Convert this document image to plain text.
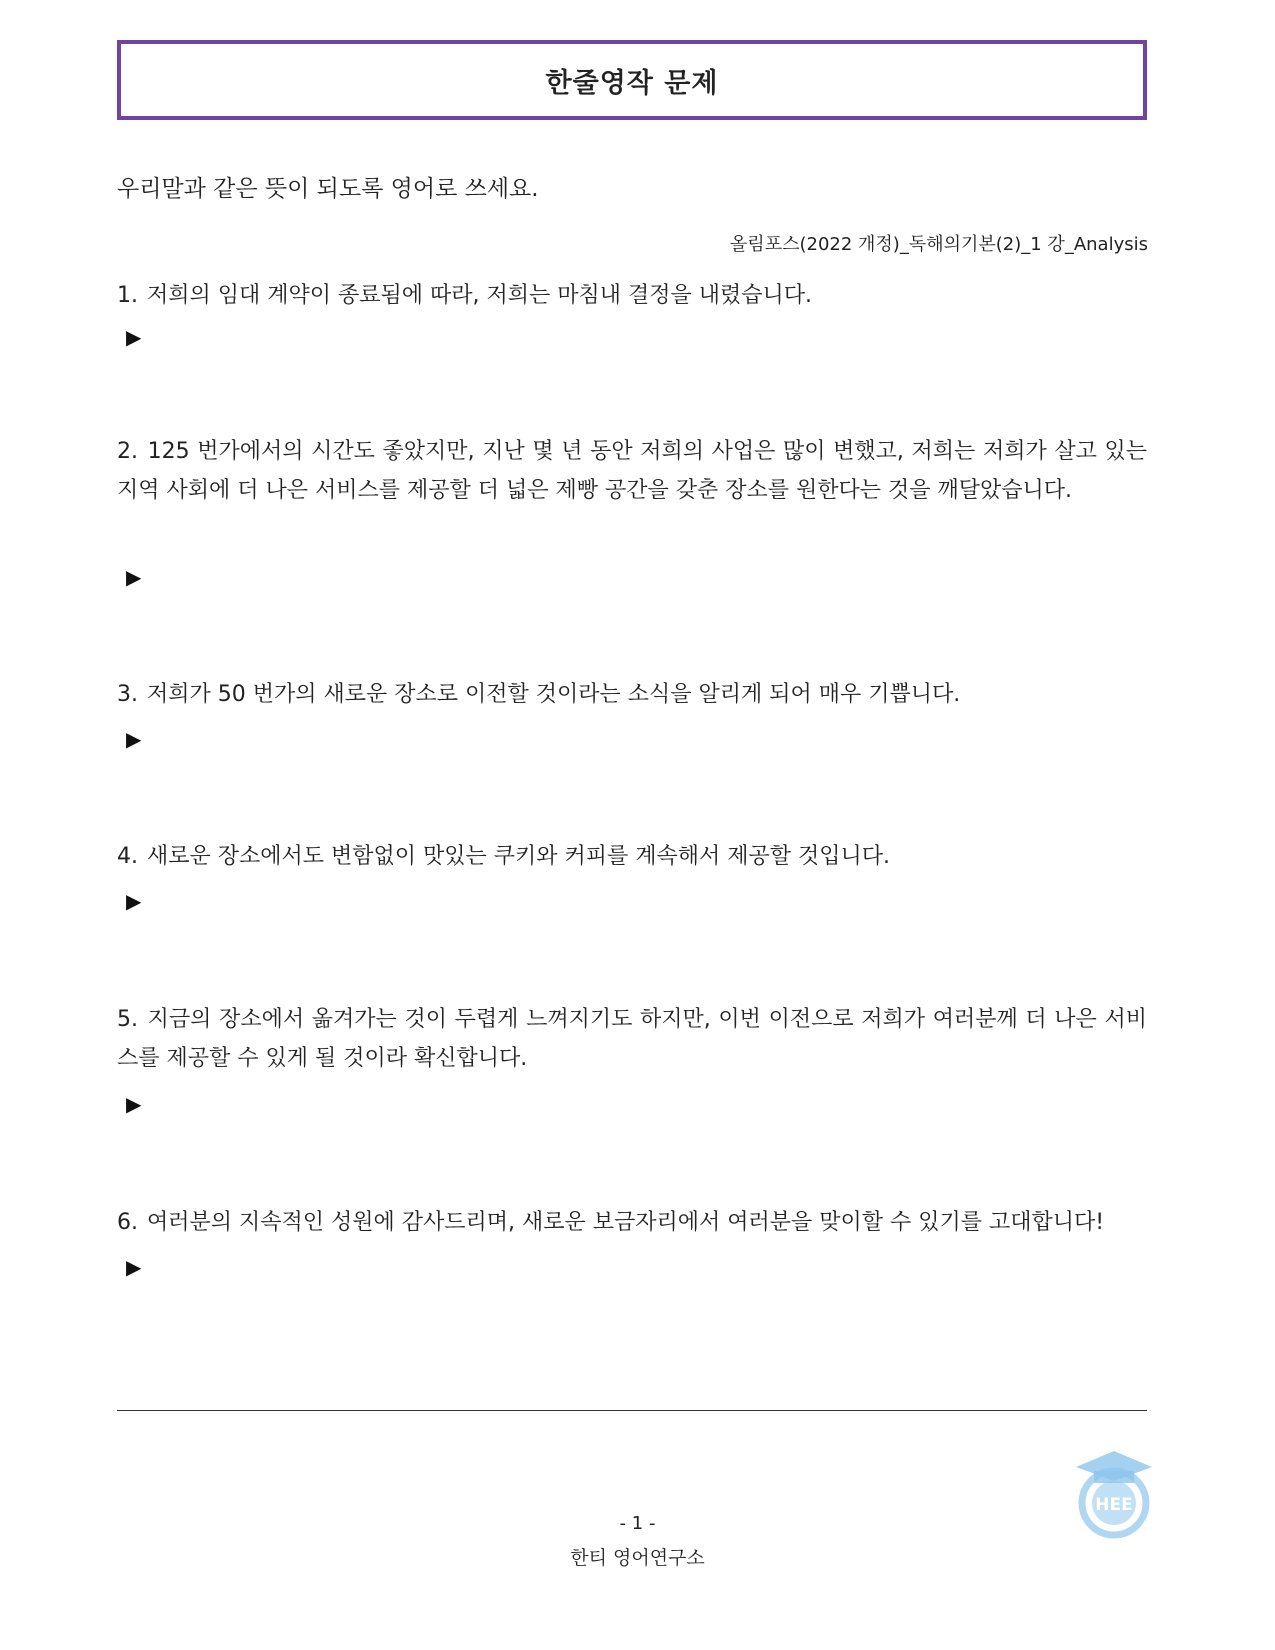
한줄영작 문제
우리말과 같은 뜻이 되도록 영어로 쓰세요.
올림포스(2022 개정)_독해의기본(2)_1 강_Analysis
1. 저희의 임대 계약이 종료됨에 따라, 저희는 마침내 결정을 내렸습니다.
▶
2. 125 번가에서의 시간도 좋았지만, 지난 몇 년 동안 저희의 사업은 많이 변했고, 저희는 저희가 살고 있는 지역 사회에 더 나은 서비스를 제공할 더 넓은 제빵 공간을 갖춘 장소를 원한다는 것을 깨달았습니다.
▶
3. 저희가 50 번가의 새로운 장소로 이전할 것이라는 소식을 알리게 되어 매우 기쁩니다.
▶
4. 새로운 장소에서도 변함없이 맛있는 쿠키와 커피를 계속해서 제공할 것입니다.
▶
5. 지금의 장소에서 옮겨가는 것이 두렵게 느껴지기도 하지만, 이번 이전으로 저희가 여러분께 더 나은 서비스를 제공할 수 있게 될 것이라 확신합니다.
▶
6. 여러분의 지속적인 성원에 감사드리며, 새로운 보금자리에서 여러분을 맞이할 수 있기를 고대합니다!
▶
HEE
- 1 -
한티 영어연구소
